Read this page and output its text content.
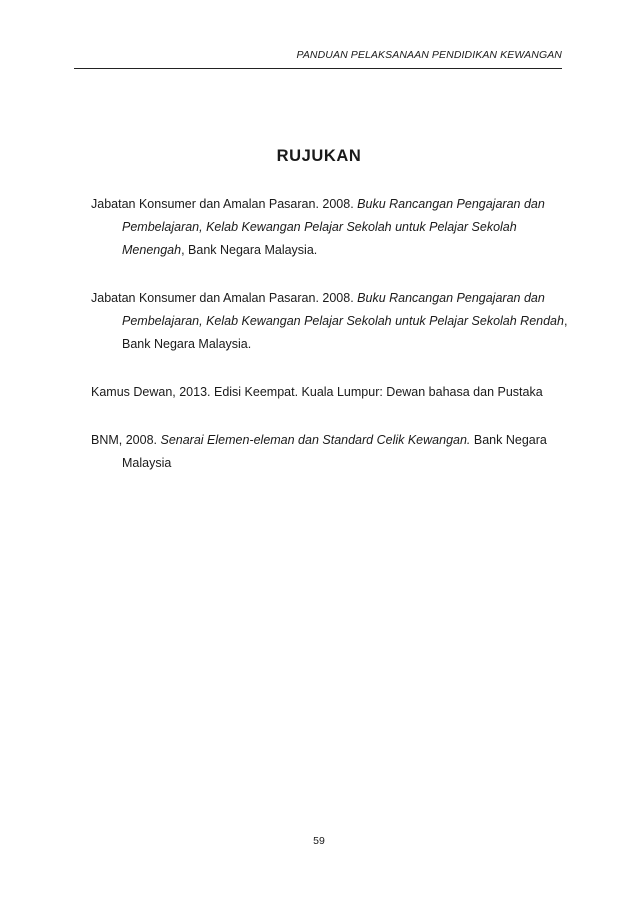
PANDUAN PELAKSANAAN PENDIDIKAN KEWANGAN
RUJUKAN

Jabatan Konsumer dan Amalan Pasaran. 2008. Buku Rancangan Pengajaran dan Pembelajaran, Kelab Kewangan Pelajar Sekolah untuk Pelajar Sekolah Menengah, Bank Negara Malaysia.

Jabatan Konsumer dan Amalan Pasaran. 2008. Buku Rancangan Pengajaran dan Pembelajaran, Kelab Kewangan Pelajar Sekolah untuk Pelajar Sekolah Rendah, Bank Negara Malaysia.

Kamus Dewan, 2013. Edisi Keempat. Kuala Lumpur: Dewan bahasa dan Pustaka

BNM, 2008. Senarai Elemen-eleman dan Standard Celik Kewangan. Bank Negara Malaysia

59
